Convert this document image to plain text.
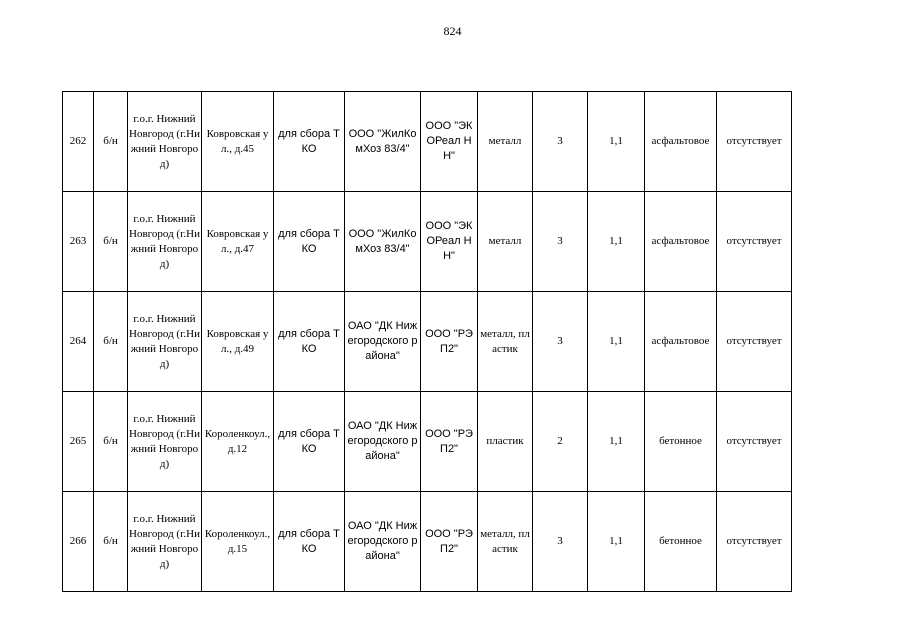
824
262	б/н	г.о.г. Нижний Новгород (г.Нижний Новгород)	Ковровская ул., д.45	для сбора ТКО	ООО "ЖилКомХоз 83/4"	ООО "ЭКОРеал НН"	металл	3	1,1	асфальтовое	отсутствует
263	б/н	г.о.г. Нижний Новгород (г.Нижний Новгород)	Ковровская ул., д.47	для сбора ТКО	ООО "ЖилКомХоз 83/4"	ООО "ЭКОРеал НН"	металл	3	1,1	асфальтовое	отсутствует
264	б/н	г.о.г. Нижний Новгород (г.Нижний Новгород)	Ковровская ул., д.49	для сбора ТКО	ОАО "ДК Нижегородского района"	ООО "РЭП2"	металл, пластик	3	1,1	асфальтовое	отсутствует
265	б/н	г.о.г. Нижний Новгород (г.Нижний Новгород)	Короленкоул., д.12	для сбора ТКО	ОАО "ДК Нижегородского района"	ООО "РЭП2"	пластик	2	1,1	бетонное	отсутствует
266	б/н	г.о.г. Нижний Новгород (г.Нижний Новгород)	Короленкоул., д.15	для сбора ТКО	ОАО "ДК Нижегородского района"	ООО "РЭП2"	металл, пластик	3	1,1	бетонное	отсутствует
